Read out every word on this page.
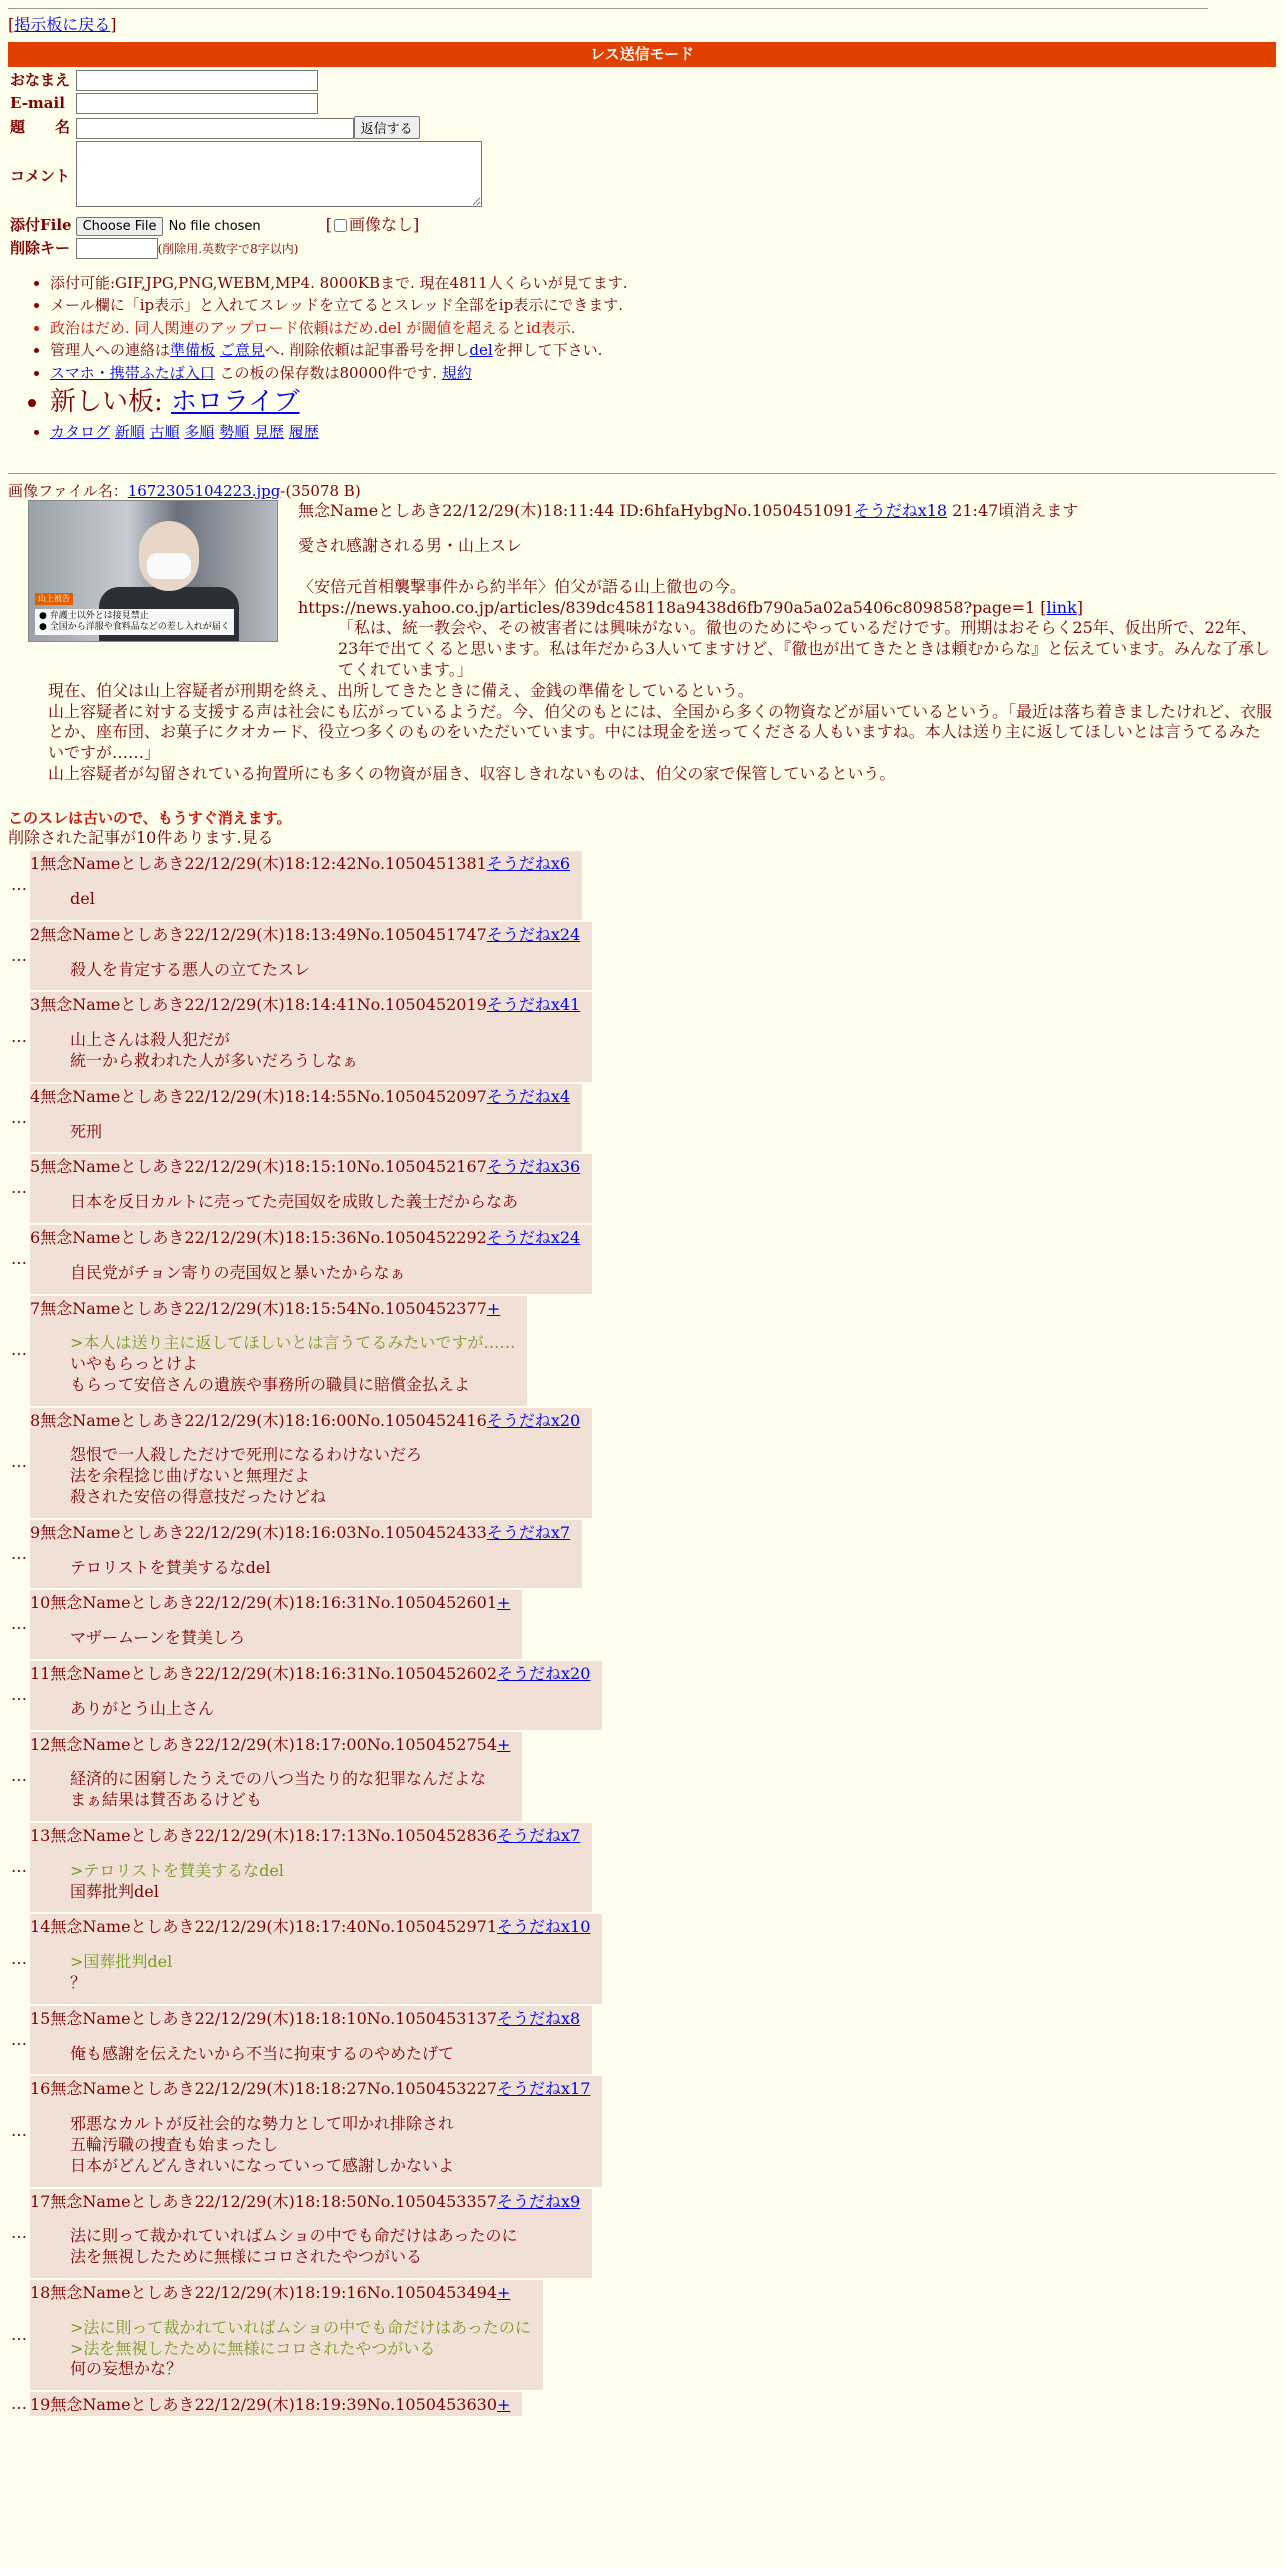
[掲示板に戻る]
レス送信モード
おなまえ	
E-mail	
題　　名	返信する
コメント	
添付File	Choose File No file chosen [ 画像なし]
削除キー	(削除用.英数字で8字以内)
• 添付可能:GIF,JPG,PNG,WEBM,MP4. 8000KBまで. 現在4811人くらいが見てます.
• メール欄に「ip表示」と入れてスレッドを立てるとスレッド全部をip表示にできます.
• 政治はだめ. 同人関連のアップロード依頼はだめ.del が閾値を超えるとid表示.
• 管理人への連絡は準備板 ご意見へ. 削除依頼は記事番号を押しdelを押して下さい.
• スマホ・携帯ふたば入口 この板の保存数は80000件です. 規約
• 新しい板: ホロライブ
• カタログ 新順 古順 多順 勢順 見歴 履歴
画像ファイル名：1672305104223.jpg-(35078 B)
山上被告
● 弁護士以外とは接見禁止
● 全国から洋服や食料品などの差し入れが届く
無念Nameとしあき22/12/29(木)18:11:44 ID:6hfaHybgNo.1050451091そうだねx18 21:47頃消えます
愛され感謝される男・山上スレ
〈安倍元首相襲撃事件から約半年〉伯父が語る山上徹也の今。
https://news.yahoo.co.jp/articles/839dc458118a9438d6fb790a5a02a5406c809858?page=1 [link]
「私は、統一教会や、その被害者には興味がない。徹也のためにやっているだけです。刑期はおそらく25年、仮出所で、22年、23年で出てくると思います。私は年だから3人いてますけど、『徹也が出てきたときは頼むからな』と伝えています。みんな了承してくれています。」
現在、伯父は山上容疑者が刑期を終え、出所してきたときに備え、金銭の準備をしているという。
山上容疑者に対する支援する声は社会にも広がっているようだ。今、伯父のもとには、全国から多くの物資などが届いているという。「最近は落ち着きましたけれど、衣服とか、座布団、お菓子にクオカード、役立つ多くのものをいただいています。中には現金を送ってくださる人もいますね。本人は送り主に返してほしいとは言うてるみたいですが……」
山上容疑者が勾留されている拘置所にも多くの物資が届き、収容しきれないものは、伯父の家で保管しているという。
このスレは古いので、もうすぐ消えます。
削除された記事が10件あります.見る
…
1無念Nameとしあき22/12/29(木)18:12:42No.1050451381そうだねx6
del
…
2無念Nameとしあき22/12/29(木)18:13:49No.1050451747そうだねx24
殺人を肯定する悪人の立てたスレ
…
3無念Nameとしあき22/12/29(木)18:14:41No.1050452019そうだねx41
山上さんは殺人犯だが
統一から救われた人が多いだろうしなぁ
…
4無念Nameとしあき22/12/29(木)18:14:55No.1050452097そうだねx4
死刑
…
5無念Nameとしあき22/12/29(木)18:15:10No.1050452167そうだねx36
日本を反日カルトに売ってた売国奴を成敗した義士だからなあ
…
6無念Nameとしあき22/12/29(木)18:15:36No.1050452292そうだねx24
自民党がチョン寄りの売国奴と暴いたからなぁ
…
7無念Nameとしあき22/12/29(木)18:15:54No.1050452377+
>本人は送り主に返してほしいとは言うてるみたいですが……
いやもらっとけよ
もらって安倍さんの遺族や事務所の職員に賠償金払えよ
…
8無念Nameとしあき22/12/29(木)18:16:00No.1050452416そうだねx20
怨恨で一人殺しただけで死刑になるわけないだろ
法を余程捻じ曲げないと無理だよ
殺された安倍の得意技だったけどね
…
9無念Nameとしあき22/12/29(木)18:16:03No.1050452433そうだねx7
テロリストを賛美するなdel
…
10無念Nameとしあき22/12/29(木)18:16:31No.1050452601+
マザームーンを賛美しろ
…
11無念Nameとしあき22/12/29(木)18:16:31No.1050452602そうだねx20
ありがとう山上さん
…
12無念Nameとしあき22/12/29(木)18:17:00No.1050452754+
経済的に困窮したうえでの八つ当たり的な犯罪なんだよな
まぁ結果は賛否あるけども
…
13無念Nameとしあき22/12/29(木)18:17:13No.1050452836そうだねx7
>テロリストを賛美するなdel
国葬批判del
…
14無念Nameとしあき22/12/29(木)18:17:40No.1050452971そうだねx10
>国葬批判del
？
…
15無念Nameとしあき22/12/29(木)18:18:10No.1050453137そうだねx8
俺も感謝を伝えたいから不当に拘束するのやめたげて
…
16無念Nameとしあき22/12/29(木)18:18:27No.1050453227そうだねx17
邪悪なカルトが反社会的な勢力として叩かれ排除され
五輪汚職の捜査も始まったし
日本がどんどんきれいになっていって感謝しかないよ
…
17無念Nameとしあき22/12/29(木)18:18:50No.1050453357そうだねx9
法に則って裁かれていればムショの中でも命だけはあったのに
法を無視したために無様にコロされたやつがいる
…
18無念Nameとしあき22/12/29(木)18:19:16No.1050453494+
>法に則って裁かれていればムショの中でも命だけはあったのに
>法を無視したために無様にコロされたやつがいる
何の妄想かな？
… 19無念Nameとしあき22/12/29(木)18:19:39No.1050453630+
